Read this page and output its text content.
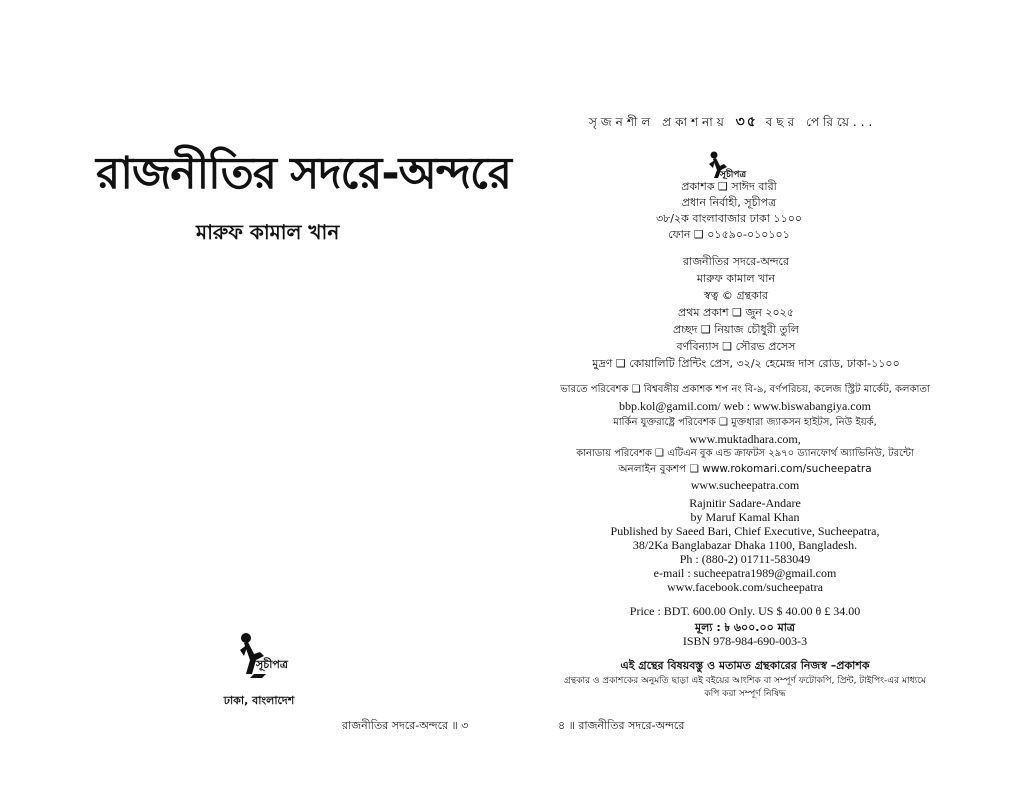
রাজনীতির সদরে-অন্দরে
মারুফ কামাল খান
সূচীপত্র
ঢাকা, বাংলাদেশ
রাজনীতির সদরে-অন্দরে ॥ ৩
সৃজনশীল প্রকাশনায় ৩৫ বছর পেরিয়ে...
সূচীপত্র
প্রকাশক ❑ সাঈদ বারী
প্রধান নির্বাহী, সূচীপত্র
৩৮/২ক বাংলাবাজার ঢাকা ১১০০
ফোন ❑ ০১৫৯০-০১০১০১
রাজনীতির সদরে-অন্দরে
মারুফ কামাল খান
স্বত্ব © গ্রন্থকার
প্রথম প্রকাশ ❑ জুন ২০২৫
প্রচ্ছদ ❑ নিয়াজ চৌধুরী তুলি
বর্ণবিন্যাস ❑ সৌরভ প্রসেস
মুদ্রণ ❑ কোয়ালিটি প্রিন্টিং প্রেস, ৩২/২ হেমেন্দ্র দাস রোড, ঢাকা-১১০০
ভারতে পরিবেশক ❑ বিশ্ববঙ্গীয় প্রকাশক শপ নং বি-৯, বর্ণপরিচয়, কলেজ স্ট্রিট মার্কেট, কলকাতা
bbp.kol@gamil.com/ web : www.biswabangiya.com
মার্কিন যুক্তরাষ্ট্রে পরিবেশক ❑ মুক্তধারা জ্যাকসন হাইটস, নিউ ইয়র্ক,
www.muktadhara.com,
কানাডায় পরিবেশক ❑ এটিএন বুক এন্ড ক্রাফটস ২৯৭০ ড্যানফোর্থ অ্যাভিনিউ, টরন্টো
অনলাইন বুকশপ ❑ www.rokomari.com/sucheepatra
www.sucheepatra.com
Rajnitir Sadare-Andare
by Maruf Kamal Khan
Published by Saeed Bari, Chief Executive, Sucheepatra,
38/2Ka Banglabazar Dhaka 1100, Bangladesh.
Ph : (880-2) 01711-583049
e-mail : sucheepatra1989@gmail.com
www.facebook.com/sucheepatra
Price : BDT. 600.00 Only. US $ 40.00 θ £ 34.00
মূল্য : ৳ ৬০০.০০ মাত্র
ISBN 978-984-690-003-3
এই গ্রন্থের বিষয়বস্তু ও মতামত গ্রন্থকারের নিজস্ব –প্রকাশক
গ্রন্থকার ও প্রকাশকের অনুমতি ছাড়া এই বইয়ের আংশিক বা সম্পূর্ণ ফটোকপি, প্রিন্ট, টাইপিং-এর মাধ্যমে
কপি করা সম্পূর্ণ নিষিদ্ধ
৪ ॥ রাজনীতির সদরে-অন্দরে
